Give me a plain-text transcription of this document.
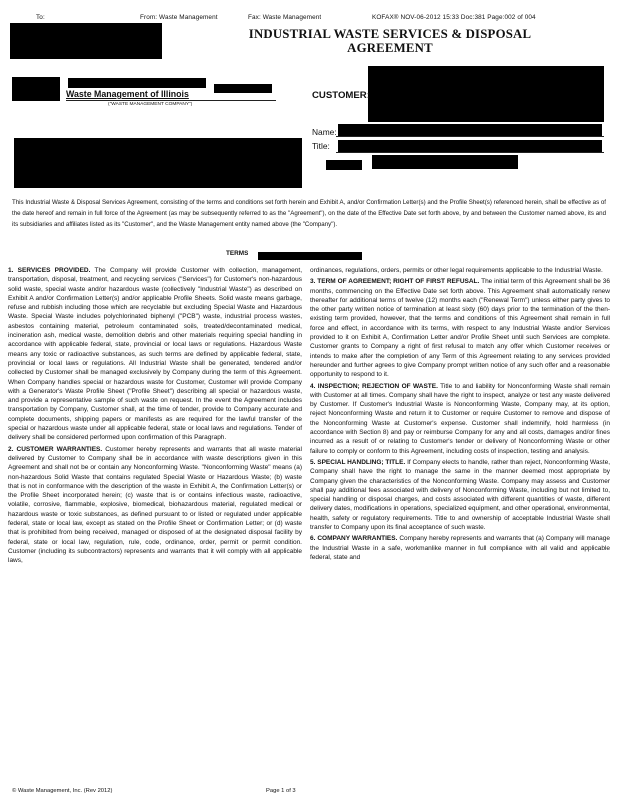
To:	From: Waste Management	Fax: Waste Management	KOFAX® NOV-06-2012 15:33 Doc:381 Page:002 of 004
INDUSTRIAL WASTE SERVICES & DISPOSAL
AGREEMENT
Waste Management of Illinois
("WASTE MANAGEMENT COMPANY")
CUSTOMER:
Name:
Title:
This Industrial Waste & Disposal Services Agreement, consisting of the terms and conditions set forth herein and Exhibit A, and/or Confirmation Letter(s) and the Profile Sheet(s) referenced herein, shall be effective as of the date hereof and remain in full force of the Agreement (as may be subsequently referred to as the "Agreement"), on the date of the Effective Date set forth above, by and between the Customer named above, its and its subsidiaries and affiliates listed as its "Customer", and the Waste Management entity named above (the "Company").
TERMS

1. SERVICES PROVIDED. The Company will provide Customer with collection, management, transportation, disposal, treatment, and recycling services ("Services") for Customer's non-hazardous solid waste, special waste and/or hazardous waste (collectively "Industrial Waste") as described on Exhibit A and/or Confirmation Letter(s) and/or applicable Profile Sheets. Solid waste means garbage, refuse and rubbish including those which are recyclable but excluding Special Waste and Hazardous Waste. Special Waste includes polychlorinated biphenyl ("PCB") waste, industrial process wastes, asbestos containing material, petroleum contaminated soils, treated/decontaminated medical, incineration ash, medical waste, demolition debris and other materials requiring special handling in accordance with applicable federal, state, provincial or local laws or regulations. Hazardous Waste means any toxic or radioactive substances, as such terms are defined by applicable federal, state, provincial or local laws or regulations. All Industrial Waste shall be generated, tendered and/or collected by Customer shall be managed exclusively by Company during the term of this Agreement. When Company handles special or hazardous waste for Customer, Customer will provide Company with a Generator's Waste Profile Sheet ("Profile Sheet") describing all special or hazardous waste, and provide a representative sample of such waste on request. In the event the Agreement includes transportation by Company, Customer shall, at the time of tender, provide to Company accurate and complete documents, shipping papers or manifests as are required for the lawful transfer of the special or hazardous waste under all applicable federal, state or local laws and regulations. Tender of delivery shall be considered performed upon confirmation of this Paragraph.

2. CUSTOMER WARRANTIES. Customer hereby represents and warrants that all waste material delivered by Customer to Company shall be in accordance with waste descriptions given in this Agreement and shall not be or contain any Nonconforming Waste. "Nonconforming Waste" means (a) non-hazardous Solid Waste that contains regulated Special Waste or Hazardous Waste; (b) waste that is not in conformance with the description of the waste in Exhibit A, the Confirmation Letter(s) or the Profile Sheet incorporated herein; (c) waste that is or contains infectious waste, radioactive, volatile, corrosive, flammable, explosive, biomedical, biohazardous material, regulated medical or hazardous waste or toxic substances, as defined pursuant to or listed or regulated under applicable federal, state or local law, except as stated on the Profile Sheet or Confirmation Letter; or (d) waste that is prohibited from being received, managed or disposed of at the designated disposal facility by federal, state or local law, regulation, rule, code, ordinance, order, permit or permit condition. Customer (including its subcontractors) represents and warrants that it will comply with all applicable laws,

ordinances, regulations, orders, permits or other legal requirements applicable to the Industrial Waste.

3. TERM OF AGREEMENT; RIGHT OF FIRST REFUSAL. The initial term of this Agreement shall be 36 months, commencing on the Effective Date set forth above. This Agreement shall automatically renew thereafter for additional terms of twelve (12) months each ("Renewal Term") unless either party gives to the other party written notice of termination at least sixty (60) days prior to the termination of the then-existing term provided, however, that the terms and conditions of this Agreement shall remain in full force and effect, in accordance with its terms, with respect to any Industrial Waste and/or Services provided to it on Exhibit A, Confirmation Letter and/or Profile Sheet until such Services are complete. Customer grants to Company a right of first refusal to match any offer which Customer receives or intends to make after the completion of any Term of this Agreement relating to any services provided hereunder and further agrees to give Company prompt written notice of any such offer and a reasonable opportunity to respond to it.

4. INSPECTION; REJECTION OF WASTE. Title to and liability for Nonconforming Waste shall remain with Customer at all times. Company shall have the right to inspect, analyze or test any waste delivered by Customer. If Customer's Industrial Waste is Nonconforming Waste, Company may, at its option, reject Nonconforming Waste and return it to Customer or require Customer to remove and dispose of the Nonconforming Waste at Customer's expense. Customer shall indemnify, hold harmless (in accordance with Section 8) and pay or reimburse Company for any and all costs, damages and/or fines incurred as a result of or relating to Customer's tender or delivery of Nonconforming Waste or other failure to comply or conform to this Agreement, including costs of inspection, testing and analysis.

5. SPECIAL HANDLING; TITLE. If Company elects to handle, rather than reject, Nonconforming Waste, Company shall have the right to manage the same in the manner deemed most appropriate by Company given the characteristics of the Nonconforming Waste. Company may assess and Customer shall pay additional fees associated with delivery of Nonconforming Waste, including but not limited to, special handling or disposal charges, and costs associated with different quantities of waste, different delivery dates, modifications in operations, specialized equipment, and other operational, environmental, health, safety or regulatory requirements. Title to and ownership of acceptable Industrial Waste shall transfer to Company upon its final acceptance of such waste.

6. COMPANY WARRANTIES. Company hereby represents and warrants that (a) Company will manage the Industrial Waste in a safe, workmanlike manner in full compliance with all valid and applicable federal, state and

© Waste Management, Inc. (Rev 2012)	Page 1 of 3
